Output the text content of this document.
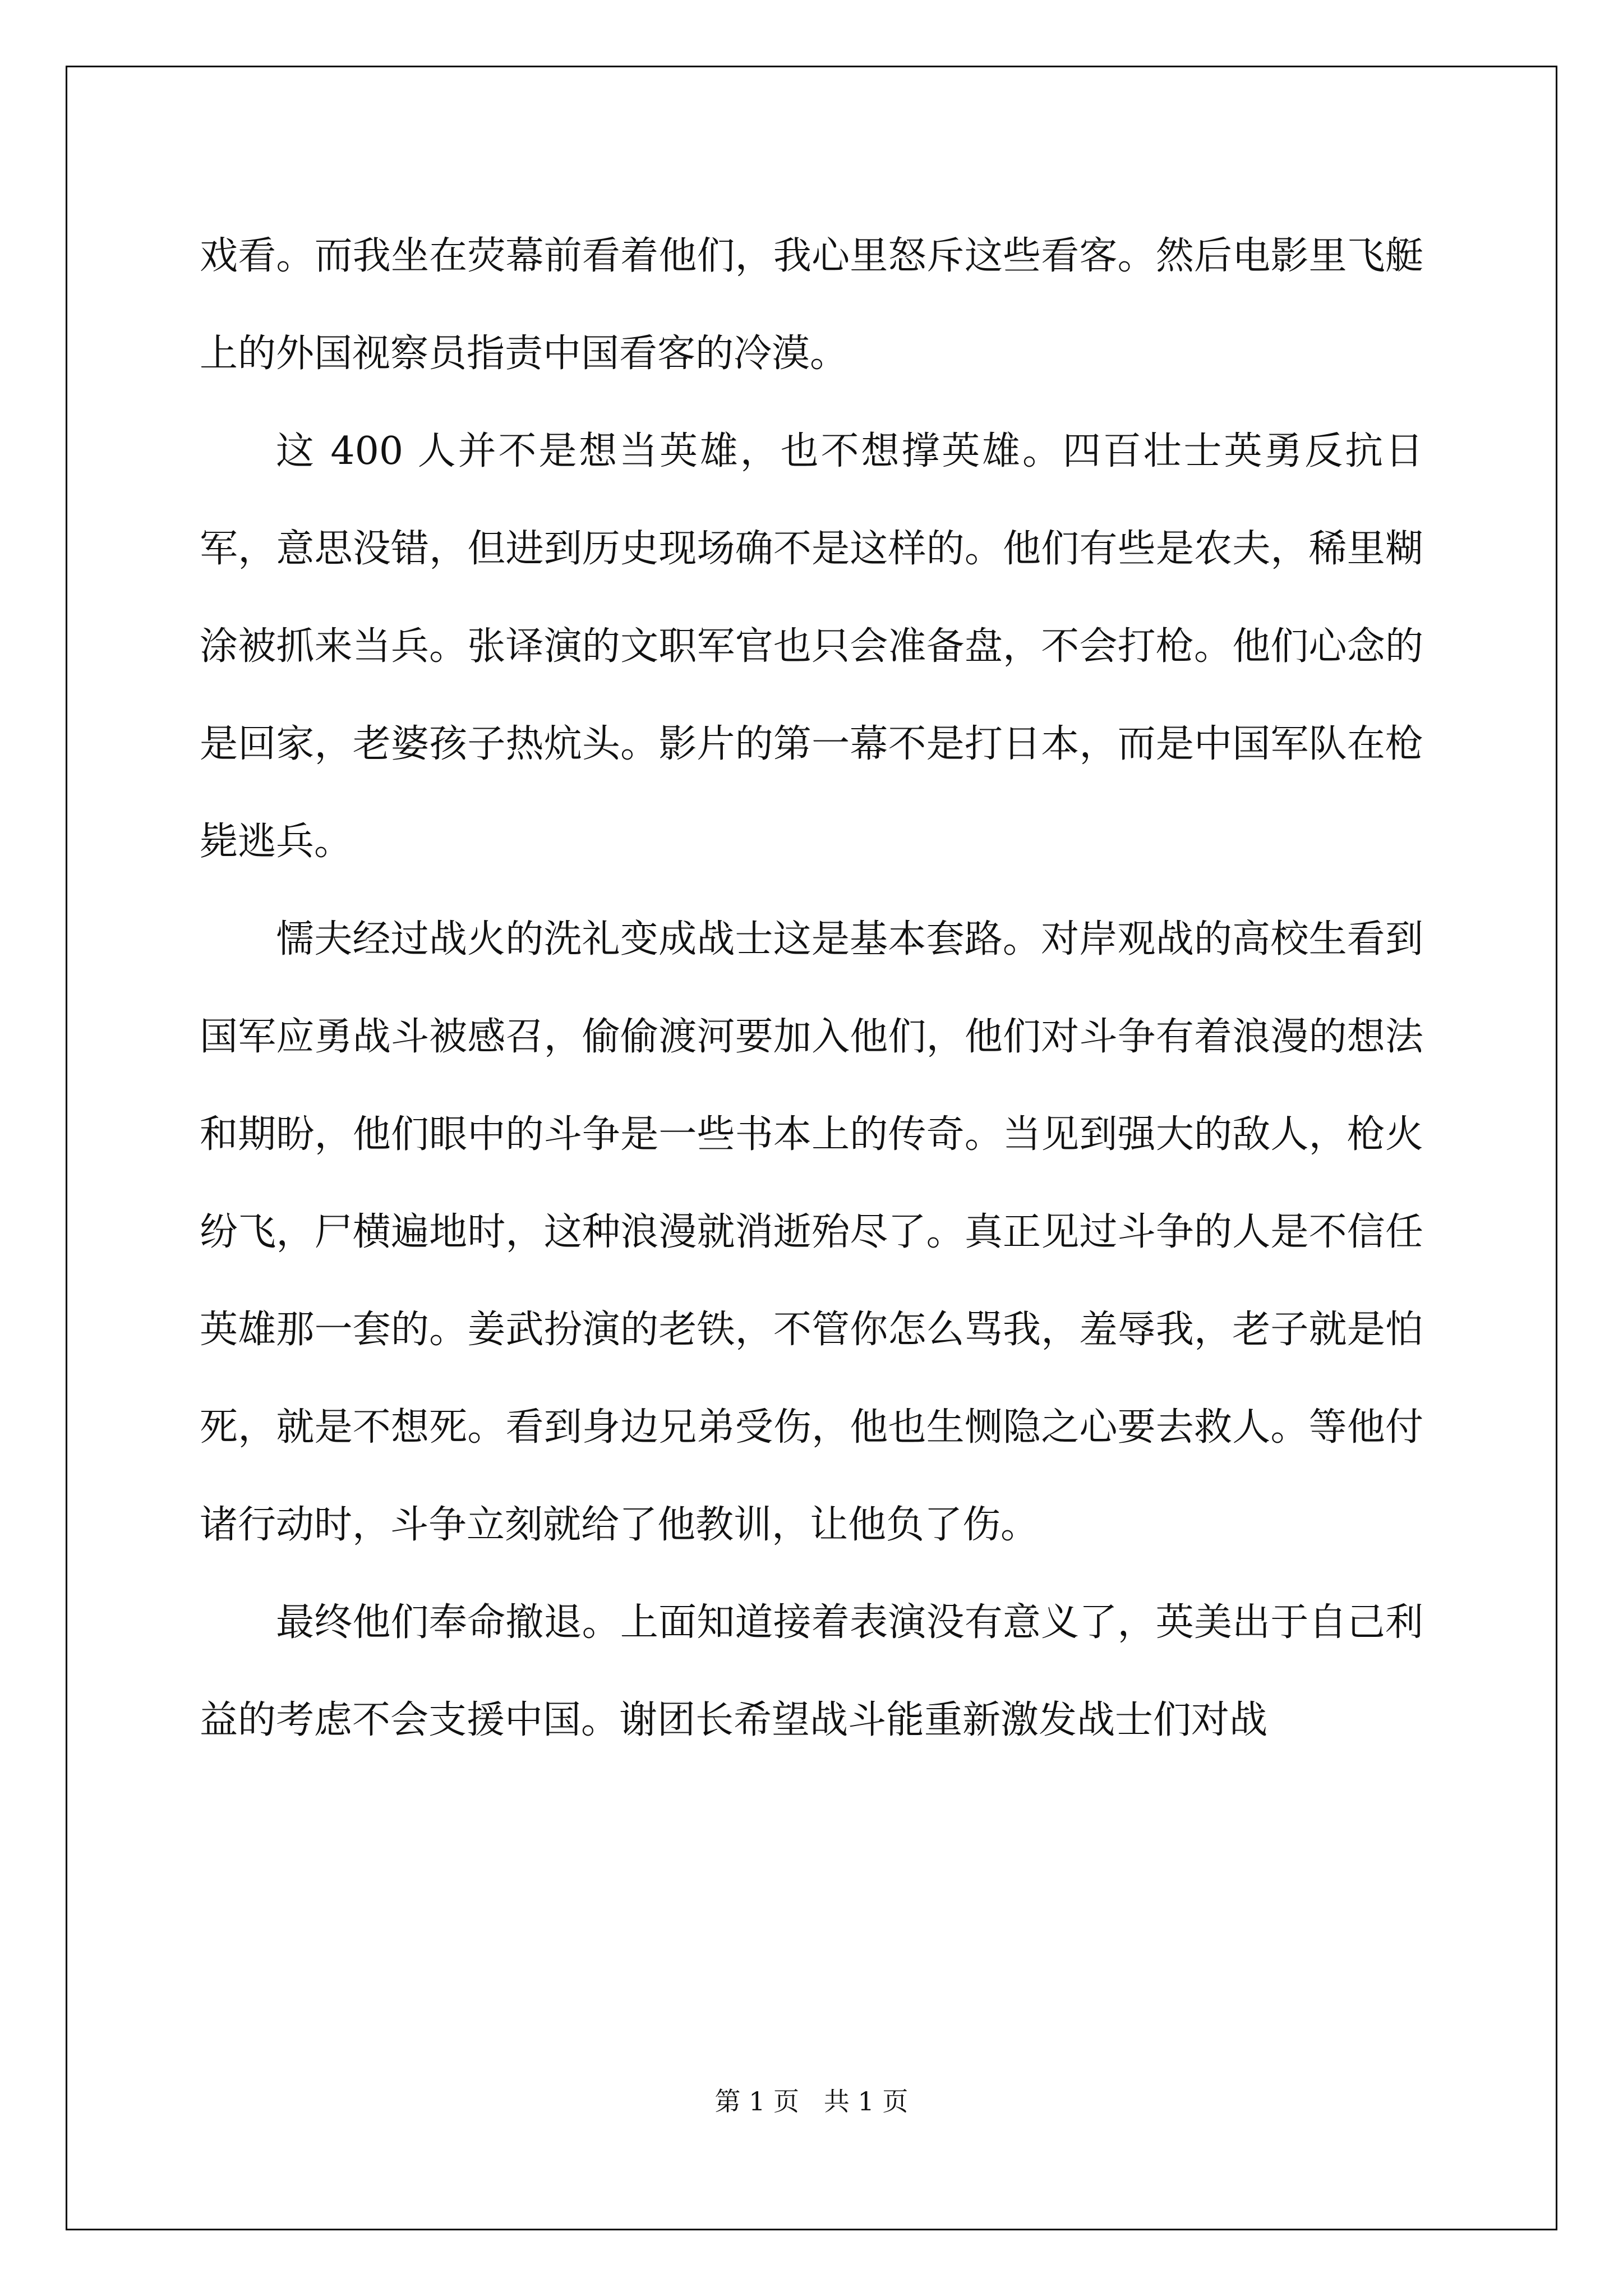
戏看。而我坐在荧幕前看着他们，我心里怒斥这些看客。然后电影里飞艇上的外国视察员指责中国看客的冷漠。

这 400 人并不是想当英雄，也不想撑英雄。四百壮士英勇反抗日军，意思没错，但进到历史现场确不是这样的。他们有些是农夫，稀里糊涂被抓来当兵。张译演的文职军官也只会准备盘，不会打枪。他们心念的是回家，老婆孩子热炕头。影片的第一幕不是打日本，而是中国军队在枪毙逃兵。

懦夫经过战火的洗礼变成战士这是基本套路。对岸观战的高校生看到国军应勇战斗被感召，偷偷渡河要加入他们，他们对斗争有着浪漫的想法和期盼，他们眼中的斗争是一些书本上的传奇。当见到强大的敌人，枪火纷飞，尸横遍地时，这种浪漫就消逝殆尽了。真正见过斗争的人是不信任英雄那一套的。姜武扮演的老铁，不管你怎么骂我，羞辱我，老子就是怕死，就是不想死。看到身边兄弟受伤，他也生恻隐之心要去救人。等他付诸行动时，斗争立刻就给了他教训，让他负了伤。

最终他们奉命撤退。上面知道接着表演没有意义了，英美出于自己利益的考虑不会支援中国。谢团长希望战斗能重新激发战士们对战

第 1 页   共 1 页
